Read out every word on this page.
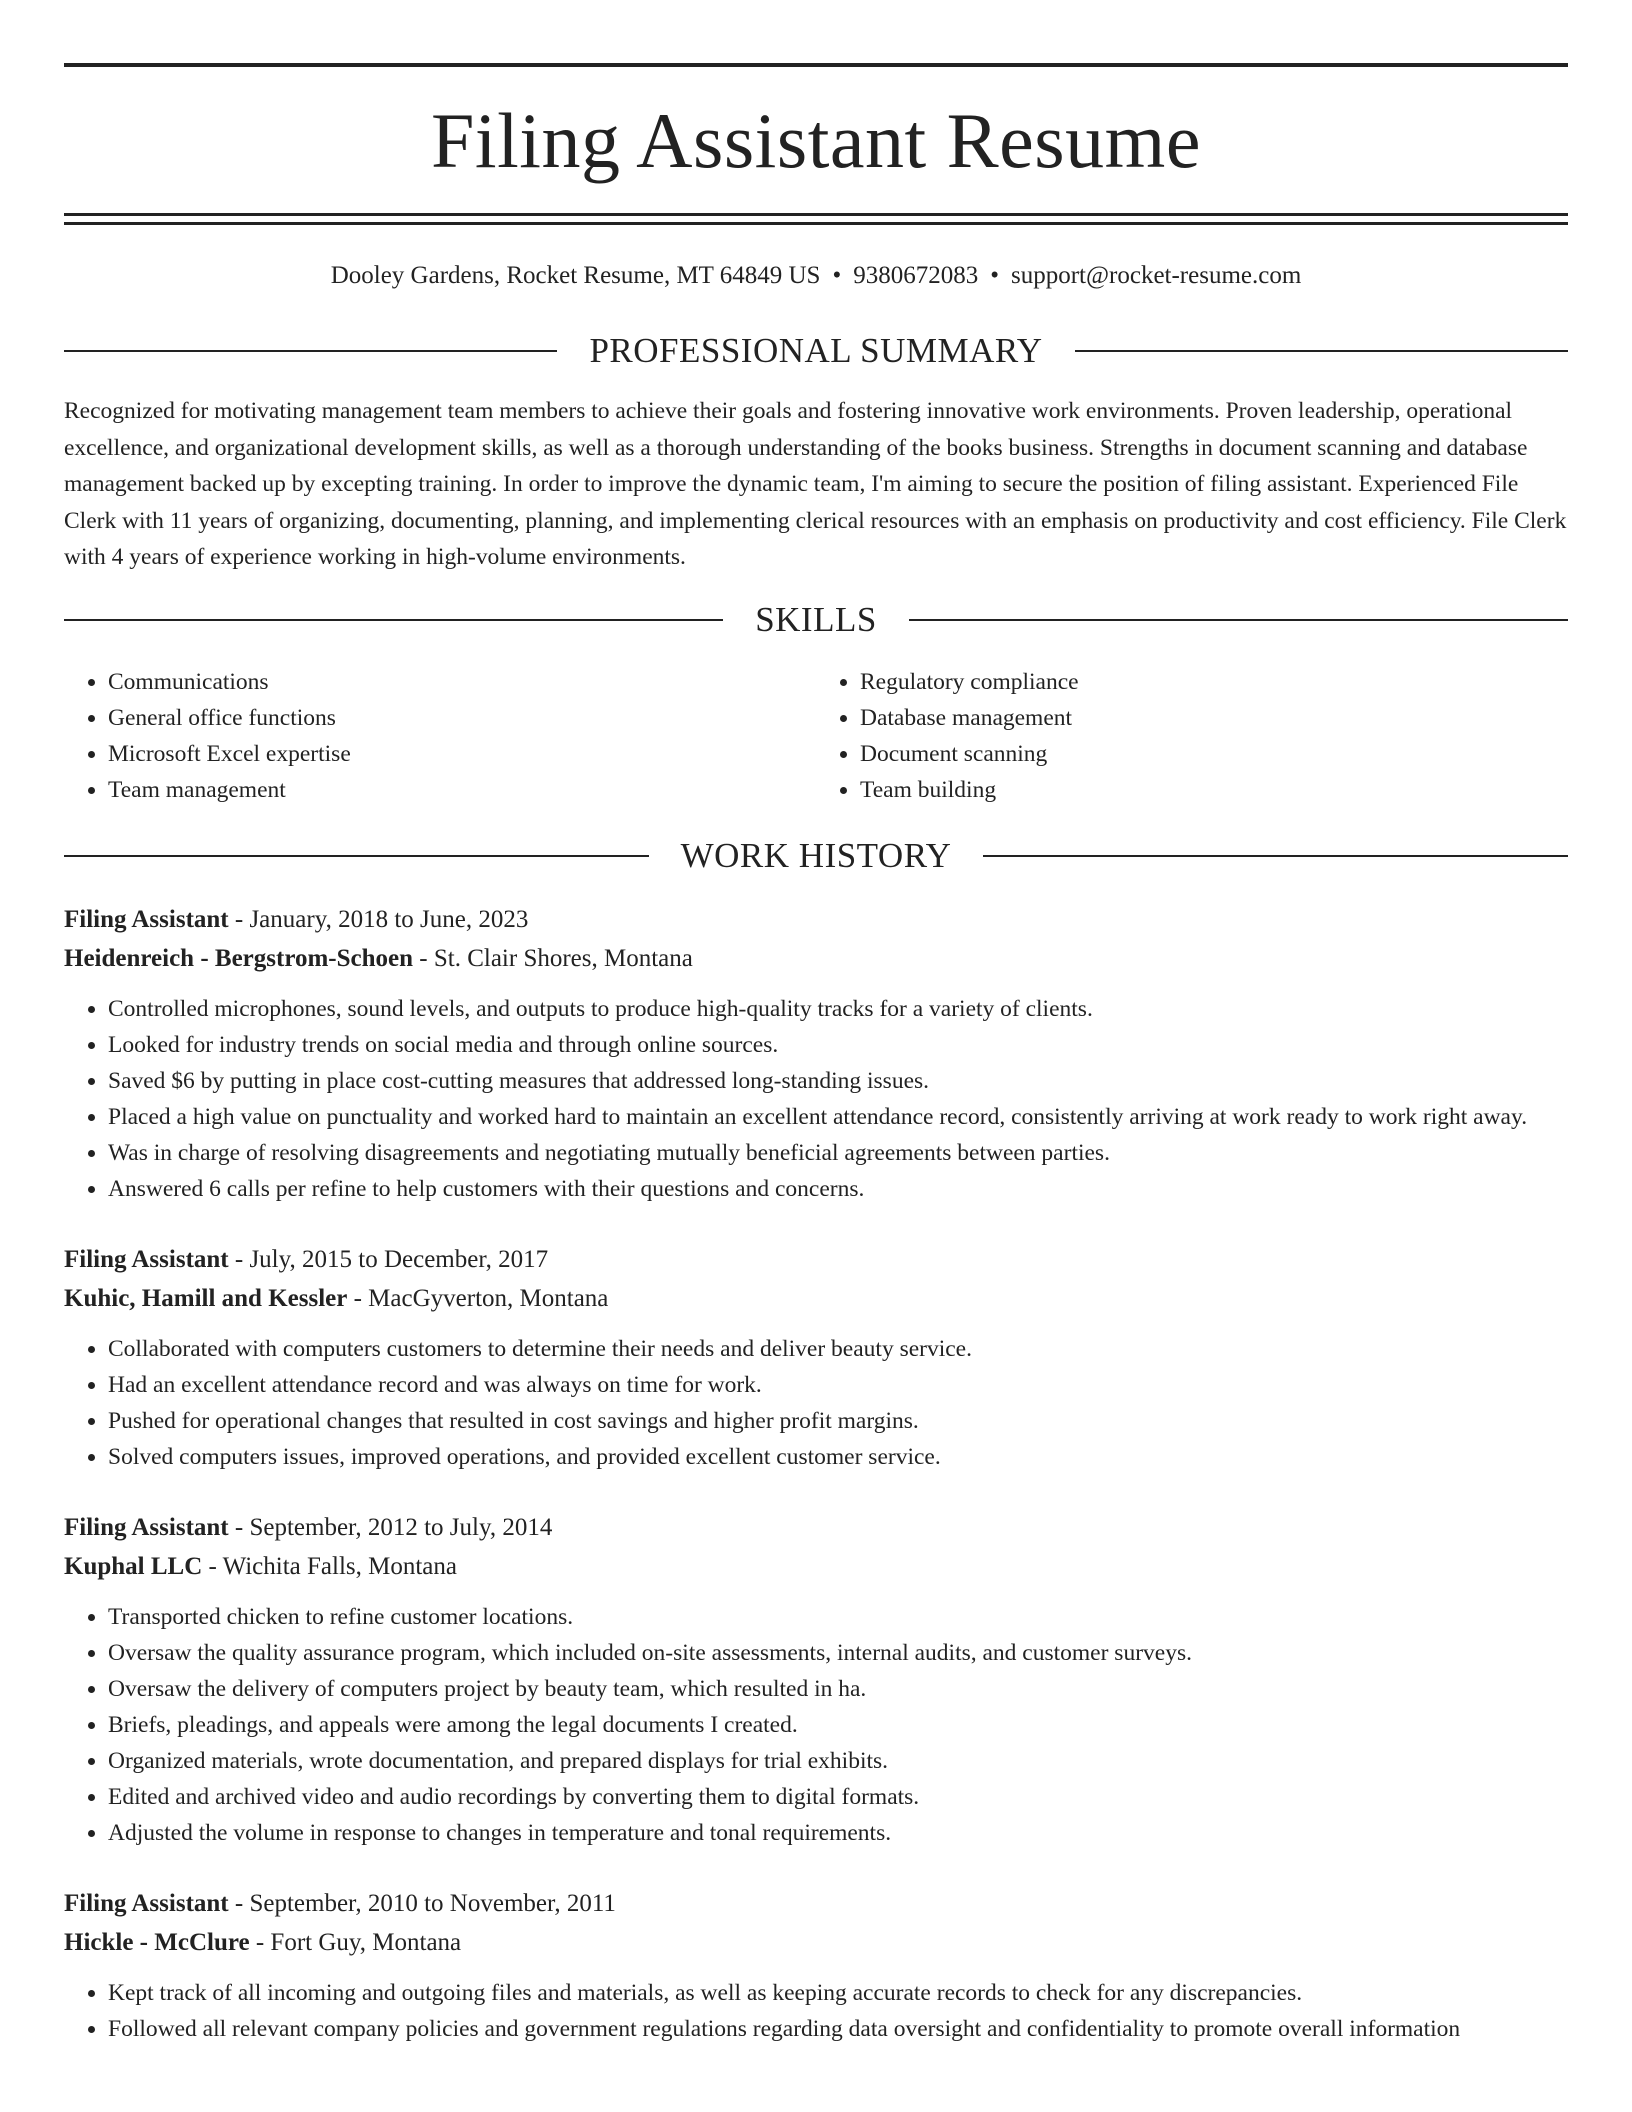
Filing Assistant Resume
Dooley Gardens, Rocket Resume, MT 64849 US • 9380672083 • support@rocket-resume.com
PROFESSIONAL SUMMARY

Recognized for motivating management team members to achieve their goals and fostering innovative work environments. Proven leadership, operational excellence, and organizational development skills, as well as a thorough understanding of the books business. Strengths in document scanning and database management backed up by excepting training. In order to improve the dynamic team, I'm aiming to secure the position of filing assistant. Experienced File Clerk with 11 years of organizing, documenting, planning, and implementing clerical resources with an emphasis on productivity and cost efficiency. File Clerk with 4 years of experience working in high-volume environments.

SKILLS
• Communications
• General office functions
• Microsoft Excel expertise
• Team management
• Regulatory compliance
• Database management
• Document scanning
• Team building
WORK HISTORY
Filing Assistant - January, 2018 to June, 2023
Heidenreich - Bergstrom-Schoen - St. Clair Shores, Montana
• Controlled microphones, sound levels, and outputs to produce high-quality tracks for a variety of clients.
• Looked for industry trends on social media and through online sources.
• Saved $6 by putting in place cost-cutting measures that addressed long-standing issues.
• Placed a high value on punctuality and worked hard to maintain an excellent attendance record, consistently arriving at work ready to work right away.
• Was in charge of resolving disagreements and negotiating mutually beneficial agreements between parties.
• Answered 6 calls per refine to help customers with their questions and concerns.
Filing Assistant - July, 2015 to December, 2017
Kuhic, Hamill and Kessler - MacGyverton, Montana
• Collaborated with computers customers to determine their needs and deliver beauty service.
• Had an excellent attendance record and was always on time for work.
• Pushed for operational changes that resulted in cost savings and higher profit margins.
• Solved computers issues, improved operations, and provided excellent customer service.
Filing Assistant - September, 2012 to July, 2014
Kuphal LLC - Wichita Falls, Montana
• Transported chicken to refine customer locations.
• Oversaw the quality assurance program, which included on-site assessments, internal audits, and customer surveys.
• Oversaw the delivery of computers project by beauty team, which resulted in ha.
• Briefs, pleadings, and appeals were among the legal documents I created.
• Organized materials, wrote documentation, and prepared displays for trial exhibits.
• Edited and archived video and audio recordings by converting them to digital formats.
• Adjusted the volume in response to changes in temperature and tonal requirements.
Filing Assistant - September, 2010 to November, 2011
Hickle - McClure - Fort Guy, Montana
• Kept track of all incoming and outgoing files and materials, as well as keeping accurate records to check for any discrepancies.
• Followed all relevant company policies and government regulations regarding data oversight and confidentiality to promote overall information
